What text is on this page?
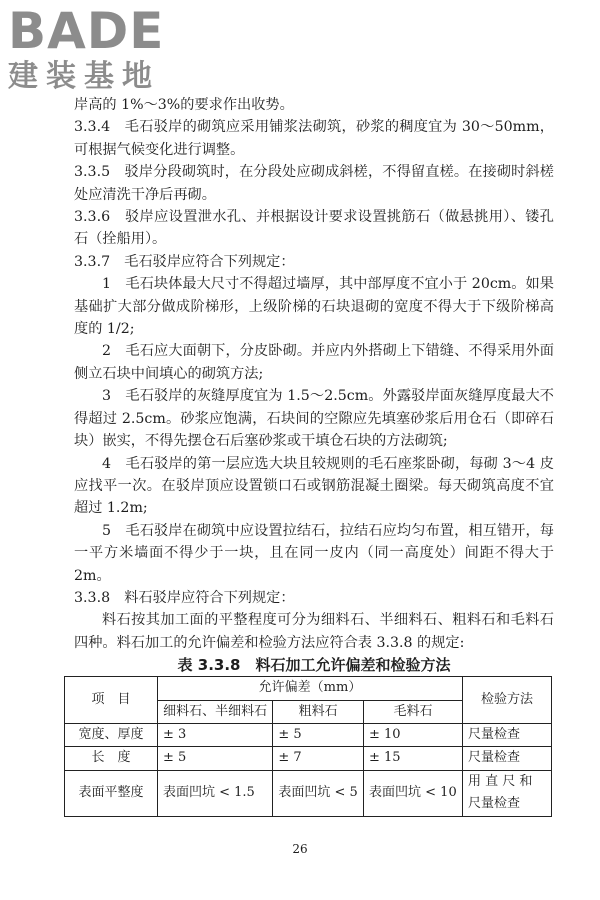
BADE
建装基地

岸高的 1%～3%的要求作出收势。

3.3.4　毛石驳岸的砌筑应采用铺浆法砌筑，砂浆的稠度宜为 30～50mm，可根据气候变化进行调整。

3.3.5　驳岸分段砌筑时，在分段处应砌成斜槎，不得留直槎。在接砌时斜槎处应清洗干净后再砌。

3.3.6　驳岸应设置泄水孔、并根据设计要求设置挑筋石（做悬挑用）、镂孔石（拴船用）。

3.3.7　毛石驳岸应符合下列规定：

1　毛石块体最大尺寸不得超过墙厚，其中部厚度不宜小于 20cm。如果基础扩大部分做成阶梯形，上级阶梯的石块退砌的宽度不得大于下级阶梯高度的 1/2;

2　毛石应大面朝下，分皮卧砌。并应内外搭砌上下错缝、不得采用外面侧立石块中间填心的砌筑方法;

3　毛石驳岸的灰缝厚度宜为 1.5～2.5cm。外露驳岸面灰缝厚度最大不得超过 2.5cm。砂浆应饱满，石块间的空隙应先填塞砂浆后用仓石（即碎石块）嵌实，不得先摆仓石后塞砂浆或干填仓石块的方法砌筑;

4　毛石驳岸的第一层应选大块且较规则的毛石座浆卧砌，每砌 3～4 皮应找平一次。在驳岸顶应设置锁口石或钢筋混凝土圈梁。每天砌筑高度不宜超过 1.2m;

5　毛石驳岸在砌筑中应设置拉结石，拉结石应均匀布置，相互错开，每一平方米墙面不得少于一块，且在同一皮内（同一高度处）间距不得大于 2m。

3.3.8　料石驳岸应符合下列规定：

料石按其加工面的平整程度可分为细料石、半细料石、粗料石和毛料石四种。料石加工的允许偏差和检验方法应符合表 3.3.8 的规定:

表 3.3.8　料石加工允许偏差和检验方法

项　目	允许偏差（mm）			检验方法
	细料石、半细料石	粗料石	毛料石	
宽度、厚度	± 3	± 5	± 10	尺量检查
长　度	± 5	± 7	± 15	尺量检查
表面平整度	表面凹坑 < 1.5	表面凹坑 < 5	表面凹坑 < 10	用 直 尺 和
尺量检查
26
